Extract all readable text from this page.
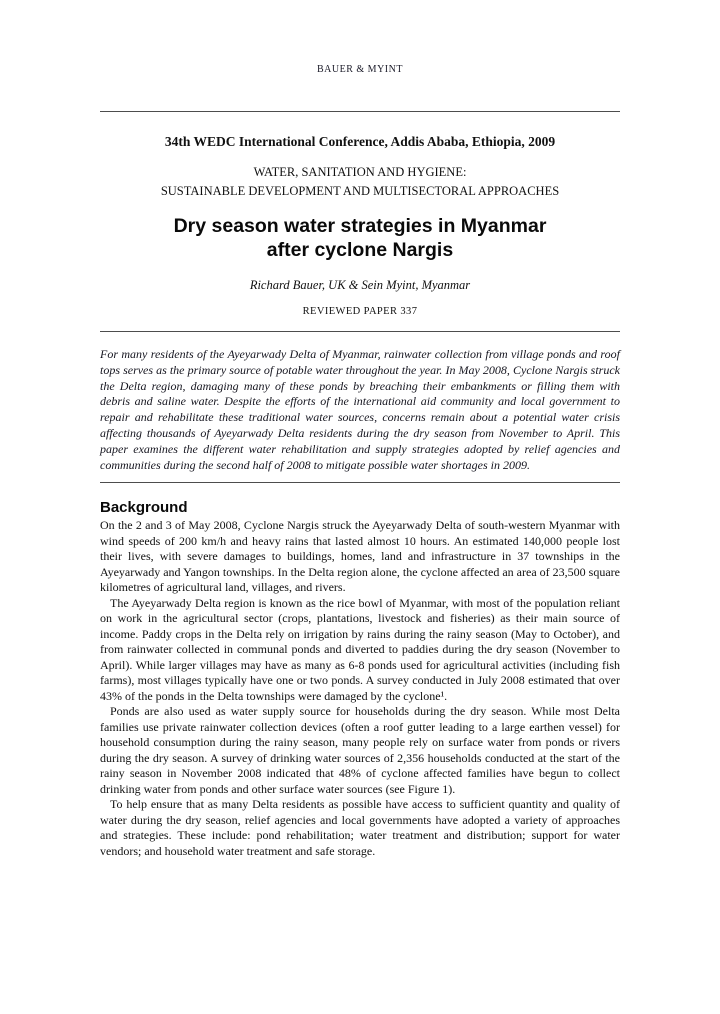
BAUER & MYINT
34th WEDC International Conference, Addis Ababa, Ethiopia, 2009
WATER, SANITATION AND HYGIENE:
SUSTAINABLE DEVELOPMENT AND MULTISECTORAL APPROACHES
Dry season water strategies in Myanmar
after cyclone Nargis
Richard Bauer, UK & Sein Myint, Myanmar
REVIEWED PAPER 337

For many residents of the Ayeyarwady Delta of Myanmar, rainwater collection from village ponds and roof tops serves as the primary source of potable water throughout the year. In May 2008, Cyclone Nargis struck the Delta region, damaging many of these ponds by breaching their embankments or filling them with debris and saline water. Despite the efforts of the international aid community and local government to repair and rehabilitate these traditional water sources, concerns remain about a potential water crisis affecting thousands of Ayeyarwady Delta residents during the dry season from November to April. This paper examines the different water rehabilitation and supply strategies adopted by relief agencies and communities during the second half of 2008 to mitigate possible water shortages in 2009.

Background

On the 2 and 3 of May 2008, Cyclone Nargis struck the Ayeyarwady Delta of south-western Myanmar with wind speeds of 200 km/h and heavy rains that lasted almost 10 hours. An estimated 140,000 people lost their lives, with severe damages to buildings, homes, land and infrastructure in 37 townships in the Ayeyarwady and Yangon townships. In the Delta region alone, the cyclone affected an area of 23,500 square kilometres of agricultural land, villages, and rivers.

The Ayeyarwady Delta region is known as the rice bowl of Myanmar, with most of the population reliant on work in the agricultural sector (crops, plantations, livestock and fisheries) as their main source of income. Paddy crops in the Delta rely on irrigation by rains during the rainy season (May to October), and from rainwater collected in communal ponds and diverted to paddies during the dry season (November to April). While larger villages may have as many as 6-8 ponds used for agricultural activities (including fish farms), most villages typically have one or two ponds. A survey conducted in July 2008 estimated that over 43% of the ponds in the Delta townships were damaged by the cyclone¹.

Ponds are also used as water supply source for households during the dry season. While most Delta families use private rainwater collection devices (often a roof gutter leading to a large earthen vessel) for household consumption during the rainy season, many people rely on surface water from ponds or rivers during the dry season. A survey of drinking water sources of 2,356 households conducted at the start of the rainy season in November 2008 indicated that 48% of cyclone affected families have begun to collect drinking water from ponds and other surface water sources (see Figure 1).

To help ensure that as many Delta residents as possible have access to sufficient quantity and quality of water during the dry season, relief agencies and local governments have adopted a variety of approaches and strategies. These include: pond rehabilitation; water treatment and distribution; support for water vendors; and household water treatment and safe storage.
